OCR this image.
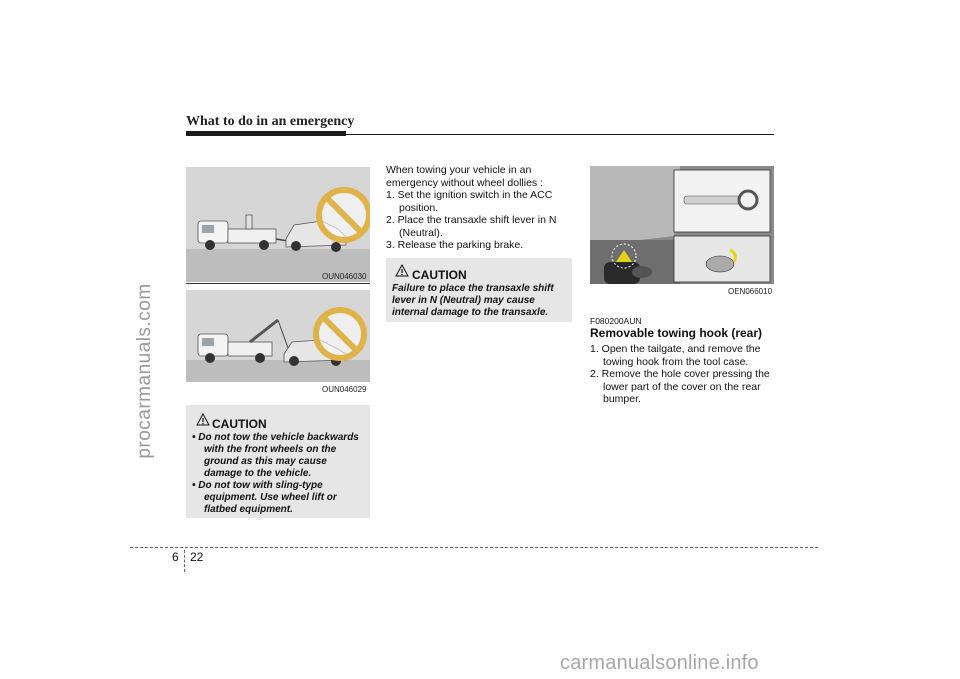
procarmanuals.com
carmanualsonline.info
What to do in an emergency
OUN046030
OUN046029
CAUTION
• Do not tow the vehicle backwards with the front wheels on the ground as this may cause damage to the vehicle.
• Do not tow with sling-type equipment. Use wheel lift or flatbed equipment.
When towing your vehicle in an emergency without wheel dollies :
1. Set the ignition switch in the ACC position.
2. Place the transaxle shift lever in N (Neutral).
3. Release the parking brake.
CAUTION
Failure to place the transaxle shift lever in N (Neutral) may cause internal damage to the transaxle.
OEN066010
F080200AUN
Removable towing hook (rear)
1. Open the tailgate, and remove the towing hook from the tool case.
2. Remove the hole cover pressing the lower part of the cover on the rear bumper.
6 22
